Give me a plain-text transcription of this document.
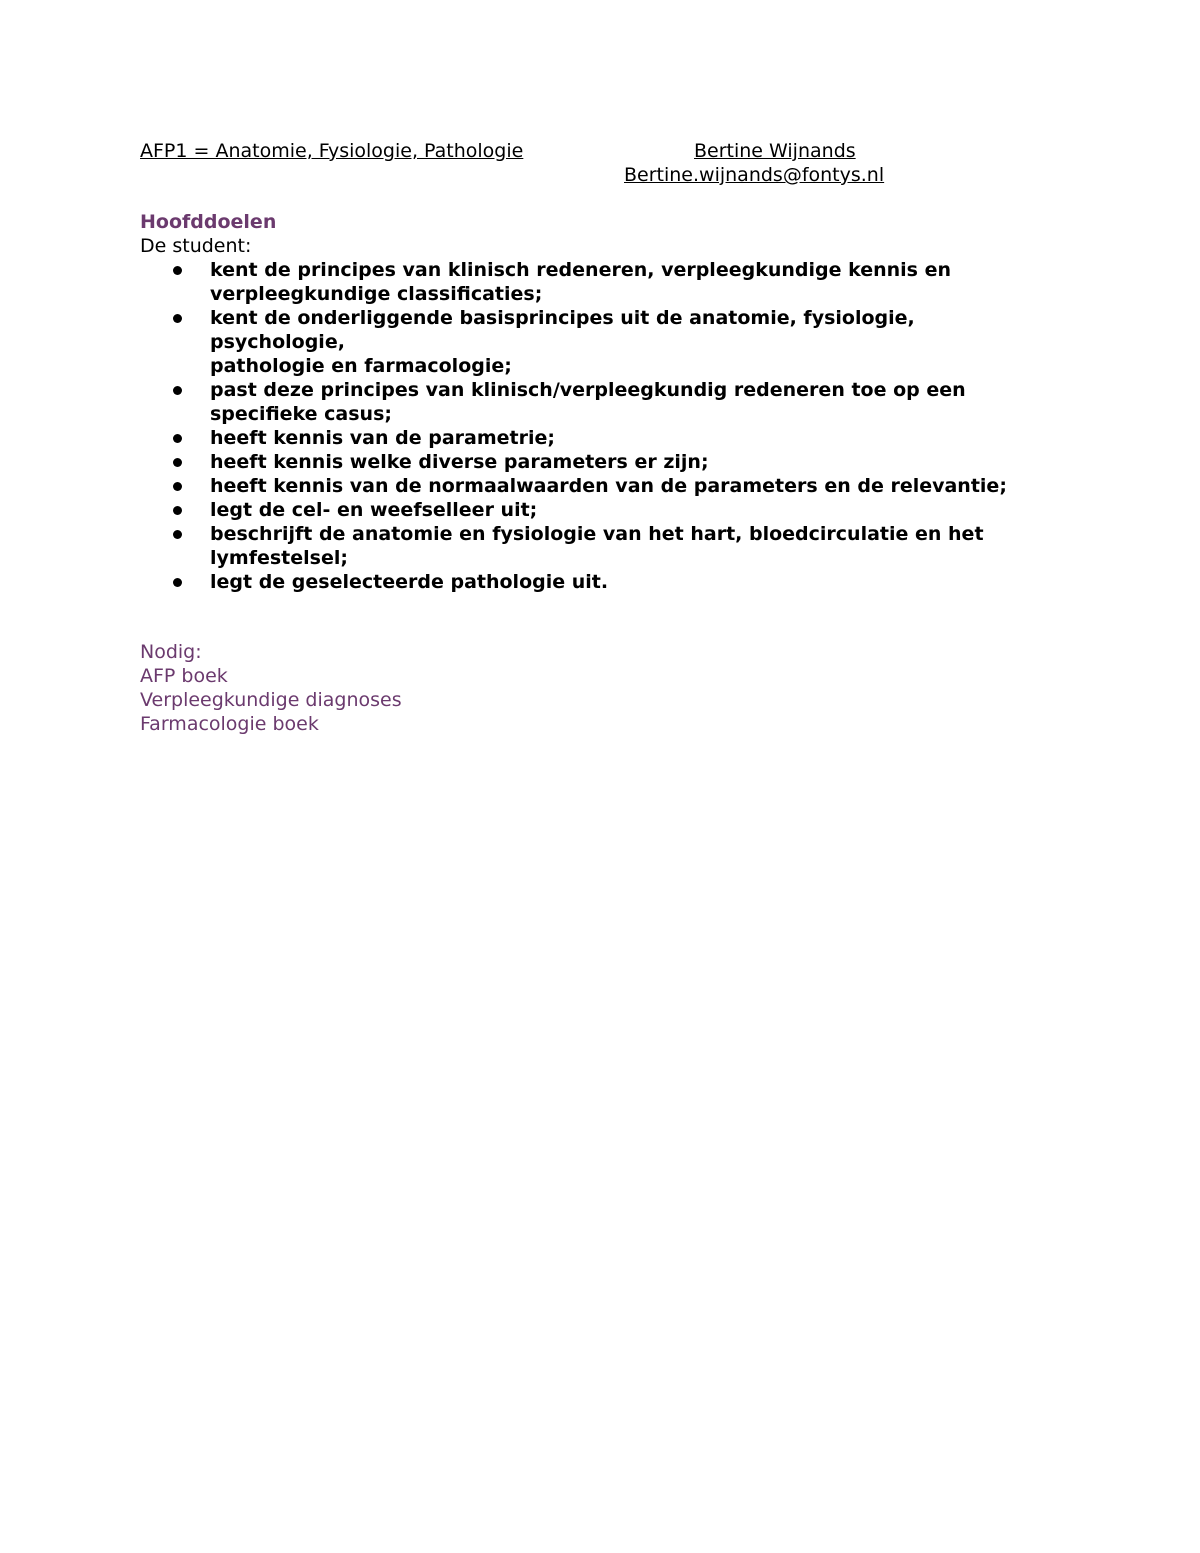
AFP1 = Anatomie, Fysiologie, Pathologie	Bertine Wijnands
Bertine.wijnands@fontys.nl
Hoofddoelen
De student:
kent de principes van klinisch redeneren, verpleegkundige kennis en
verpleegkundige classificaties;
kent de onderliggende basisprincipes uit de anatomie, fysiologie,
psychologie,
pathologie en farmacologie;
past deze principes van klinisch/verpleegkundig redeneren toe op een
specifieke casus;
heeft kennis van de parametrie;
heeft kennis welke diverse parameters er zijn;
heeft kennis van de normaalwaarden van de parameters en de relevantie;
legt de cel- en weefselleer uit;
beschrijft de anatomie en fysiologie van het hart, bloedcirculatie en het
lymfestelsel;
legt de geselecteerde pathologie uit.
Nodig:
AFP boek
Verpleegkundige diagnoses
Farmacologie boek
